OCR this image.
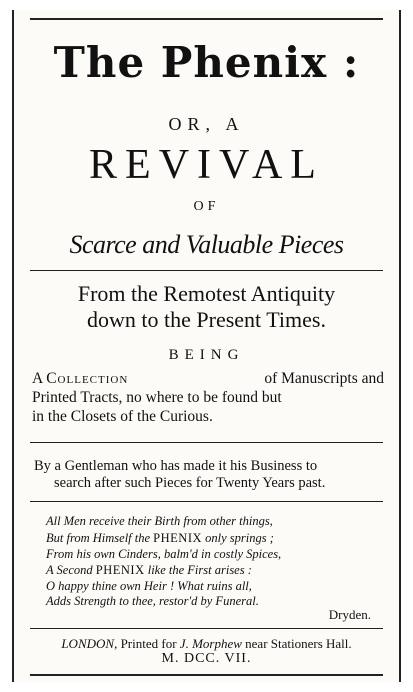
The Phenix :
OR, A
REVIVAL
OF
Scarce and Valuable Pieces
From the Remotest Antiquity
down to the Present Times.
BEING
A Collection	of Manuscripts and
Printed Tracts, no where to be found but
in the Closets of the Curious.
By a Gentleman who has made it his Business to
search after such Pieces for Twenty Years past.
All Men receive their Birth from other things,
But from Himself the PHENIX only springs ;
From his own Cinders, balm'd in costly Spices,
A Second PHENIX like the First arises :
O happy thine own Heir ! What ruins all,
Adds Strength to thee, restor'd by Funeral.
Dryden.
LONDON, Printed for J. Morphew near Stationers Hall.
M. DCC. VII.
